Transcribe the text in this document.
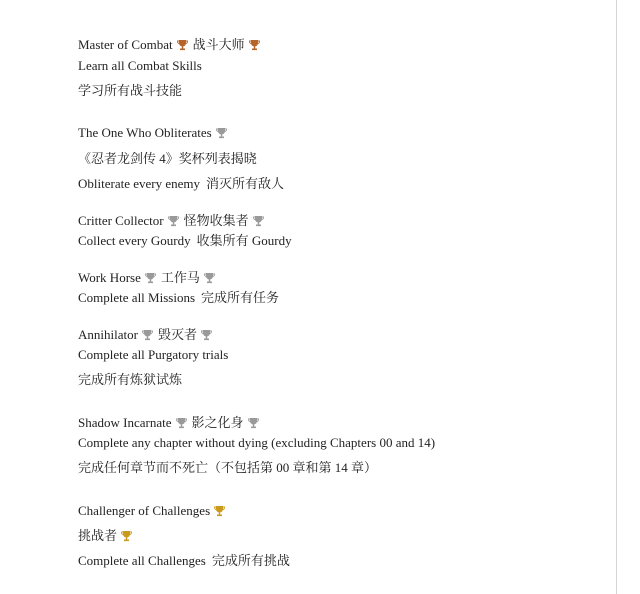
Master of Combat 战斗大师
Learn all Combat Skills
学习所有战斗技能
The One Who Obliterates
《忍者龙剑传 4》奖杯列表揭晓
Obliterate every enemy 消灭所有敌人
Critter Collector 怪物收集者
Collect every Gourdy 收集所有 Gourdy
Work Horse 工作马
Complete all Missions 完成所有任务
Annihilator 毁灭者
Complete all Purgatory trials
完成所有炼狱试炼
Shadow Incarnate 影之化身
Complete any chapter without dying (excluding Chapters 00 and 14)
完成任何章节而不死亡（不包括第 00 章和第 14 章）
Challenger of Challenges
挑战者
Complete all Challenges 完成所有挑战
